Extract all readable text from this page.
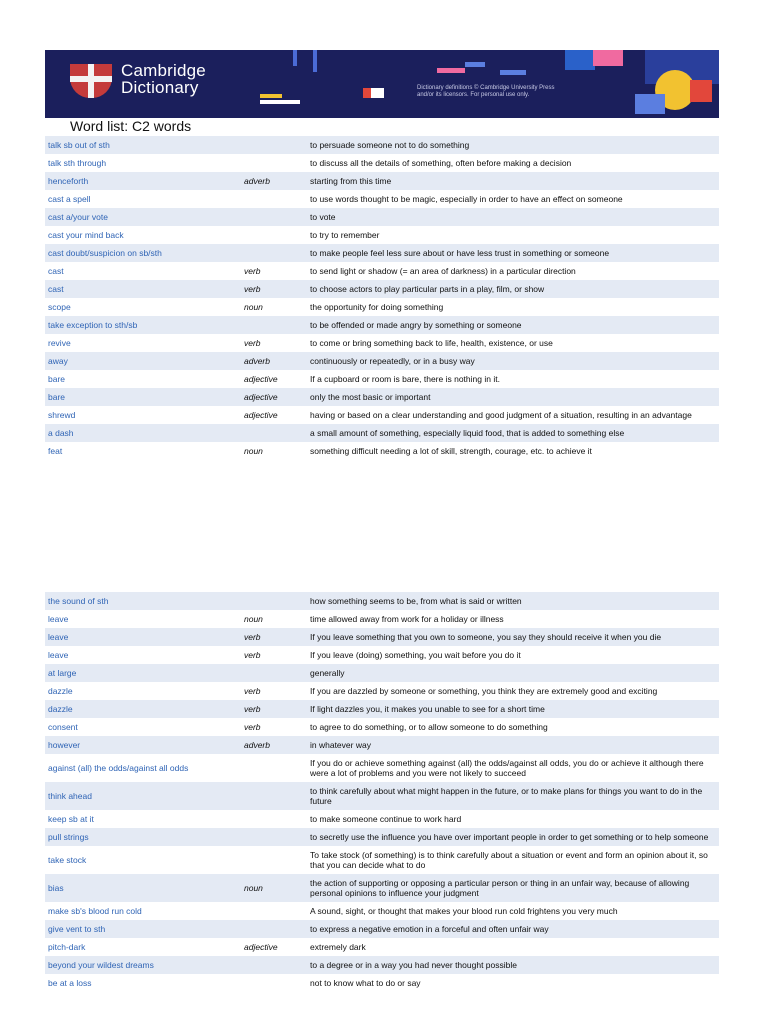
Cambridge
Dictionary	Dictionary definitions © Cambridge University Press
and/or its licensors. For personal use only.
Word list: C2 words
talk sb out of sth		to persuade someone not to do something
talk sth through		to discuss all the details of something, often before making a decision
henceforth	adverb	starting from this time
cast a spell		to use words thought to be magic, especially in order to have an effect on someone
cast a/your vote		to vote
cast your mind back		to try to remember
cast doubt/suspicion on sb/sth		to make people feel less sure about or have less trust in something or someone
cast	verb	to send light or shadow (= an area of darkness) in a particular direction
cast	verb	to choose actors to play particular parts in a play, film, or show
scope	noun	the opportunity for doing something
take exception to sth/sb		to be offended or made angry by something or someone
revive	verb	to come or bring something back to life, health, existence, or use
away	adverb	continuously or repeatedly, or in a busy way
bare	adjective	If a cupboard or room is bare, there is nothing in it.
bare	adjective	only the most basic or important
shrewd	adjective	having or based on a clear understanding and good judgment of a situation, resulting in an advantage
a dash		a small amount of something, especially liquid food, that is added to something else
feat	noun	something difficult needing a lot of skill, strength, courage, etc. to achieve it
the sound of sth		how something seems to be, from what is said or written
leave	noun	time allowed away from work for a holiday or illness
leave	verb	If you leave something that you own to someone, you say they should receive it when you die
leave	verb	If you leave (doing) something, you wait before you do it
at large		generally
dazzle	verb	If you are dazzled by someone or something, you think they are extremely good and exciting
dazzle	verb	If light dazzles you, it makes you unable to see for a short time
consent	verb	to agree to do something, or to allow someone to do something
however	adverb	in whatever way
against (all) the odds/against all odds		If you do or achieve something against (all) the odds/against all odds, you do or achieve it although there were a lot of problems and you were not likely to succeed
think ahead		to think carefully about what might happen in the future, or to make plans for things you want to do in the future
keep sb at it		to make someone continue to work hard
pull strings		to secretly use the influence you have over important people in order to get something or to help someone
take stock		To take stock (of something) is to think carefully about a situation or event and form an opinion about it, so that you can decide what to do
bias	noun	the action of supporting or opposing a particular person or thing in an unfair way, because of allowing personal opinions to influence your judgment
make sb's blood run cold		A sound, sight, or thought that makes your blood run cold frightens you very much
give vent to sth		to express a negative emotion in a forceful and often unfair way
pitch-dark	adjective	extremely dark
beyond your wildest dreams		to a degree or in a way you had never thought possible
be at a loss		not to know what to do or say
